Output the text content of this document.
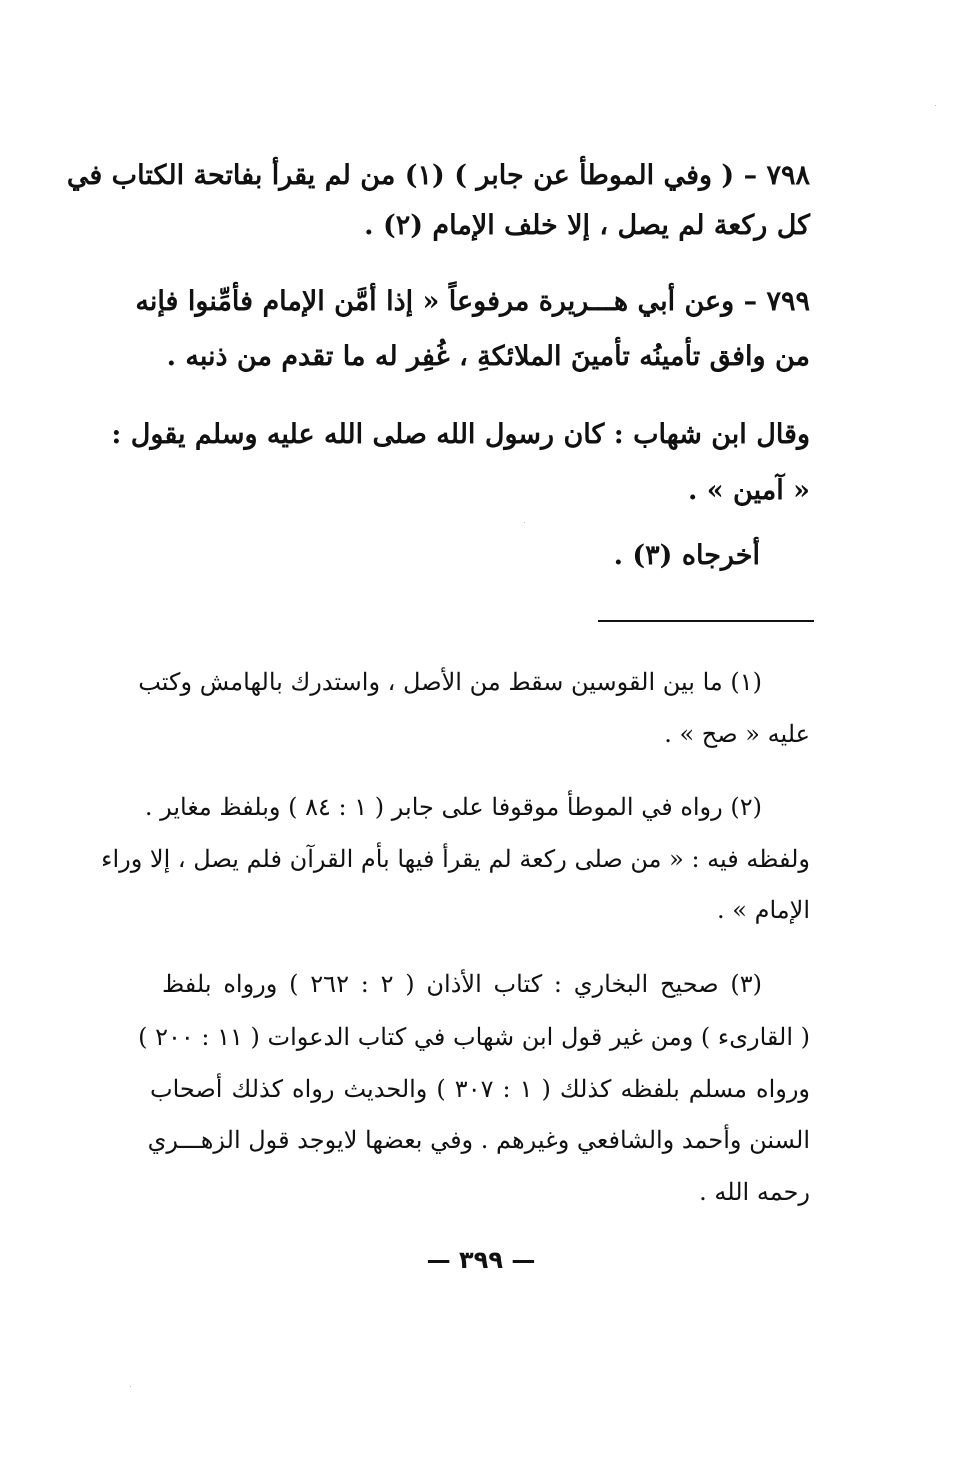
٧٩٨ – ( وفي الموطأ عن جابر ) (١) من لم يقرأ بفاتحة الكتاب في
كل ركعة لم يصل ، إلا خلف الإمام (٢) .
٧٩٩ – وعن أبي هـــريرة مرفوعاً « إذا أمَّن الإمام فأمِّنوا فإنه
من وافق تأمينُه تأمينَ الملائكةِ ، غُفِر له ما تقدم من ذنبه .
وقال ابن شهاب : كان رسول الله صلى الله عليه وسلم يقول :
« آمين » .
أخرجاه (٣) .
(١) ما بين القوسين سقط من الأصل ، واستدرك بالهامش وكتب
عليه « صح » .
(٢) رواه في الموطأ موقوفا على جابر ( ١ : ٨٤ ) وبلفظ مغاير .
ولفظه فيه : « من صلى ركعة لم يقرأ فيها بأم القرآن فلم يصل ، إلا وراء
الإمام » .
(٣) صحيح البخاري : كتاب الأذان ( ٢ : ٢٦٢ ) ورواه بلفظ
( القارىء ) ومن غير قول ابن شهاب في كتاب الدعوات ( ١١ : ٢٠٠ )
ورواه مسلم بلفظه كذلك ( ١ : ٣٠٧ ) والحديث رواه كذلك أصحاب
السنن وأحمد والشافعي وغيرهم . وفي بعضها لايوجد قول الزهـــري
رحمه الله .
— ٣٩٩ —
